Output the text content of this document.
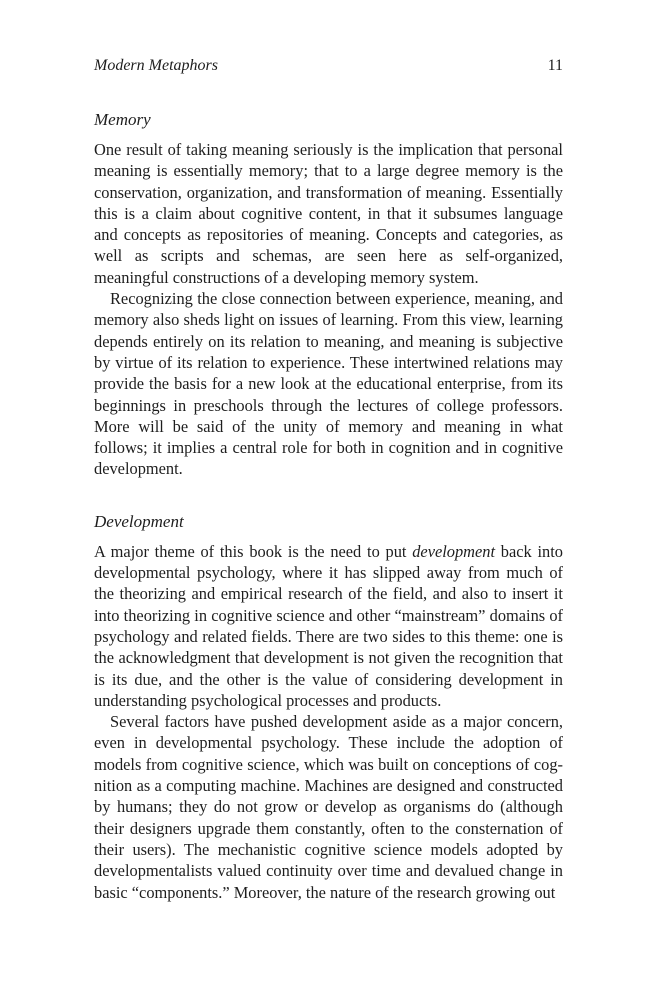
Modern Metaphors	11
Memory

One result of taking meaning seriously is the implication that personal meaning is essentially memory; that to a large degree memory is the conservation, organization, and transformation of meaning. Essentially this is a claim about cognitive content, in that it subsumes language and concepts as repositories of meaning. Concepts and categories, as well as scripts and schemas, are seen here as self-organized, meaningful constructions of a developing memory system.

Recognizing the close connection between experience, meaning, and memory also sheds light on issues of learning. From this view, learning depends entirely on its relation to meaning, and meaning is subjective by virtue of its relation to experience. These intertwined relations may provide the basis for a new look at the educational enterprise, from its beginnings in preschools through the lectures of college professors. More will be said of the unity of memory and meaning in what follows; it implies a central role for both in cognition and in cognitive development.

Development

A major theme of this book is the need to put development back into developmental psychology, where it has slipped away from much of the theorizing and empirical research of the field, and also to insert it into theorizing in cognitive science and other “mainstream” domains of psychology and related fields. There are two sides to this theme: one is the acknowledgment that development is not given the recognition that is its due, and the other is the value of considering development in understanding psychological processes and products.

Several factors have pushed development aside as a major concern, even in developmental psychology. These include the adoption of models from cognitive science, which was built on conceptions of cognition as a computing machine. Machines are designed and constructed by humans; they do not grow or develop as organisms do (although their designers upgrade them constantly, often to the consternation of their users). The mechanistic cognitive science models adopted by developmentalists valued continuity over time and devalued change in basic “components.” Moreover, the nature of the research growing out
